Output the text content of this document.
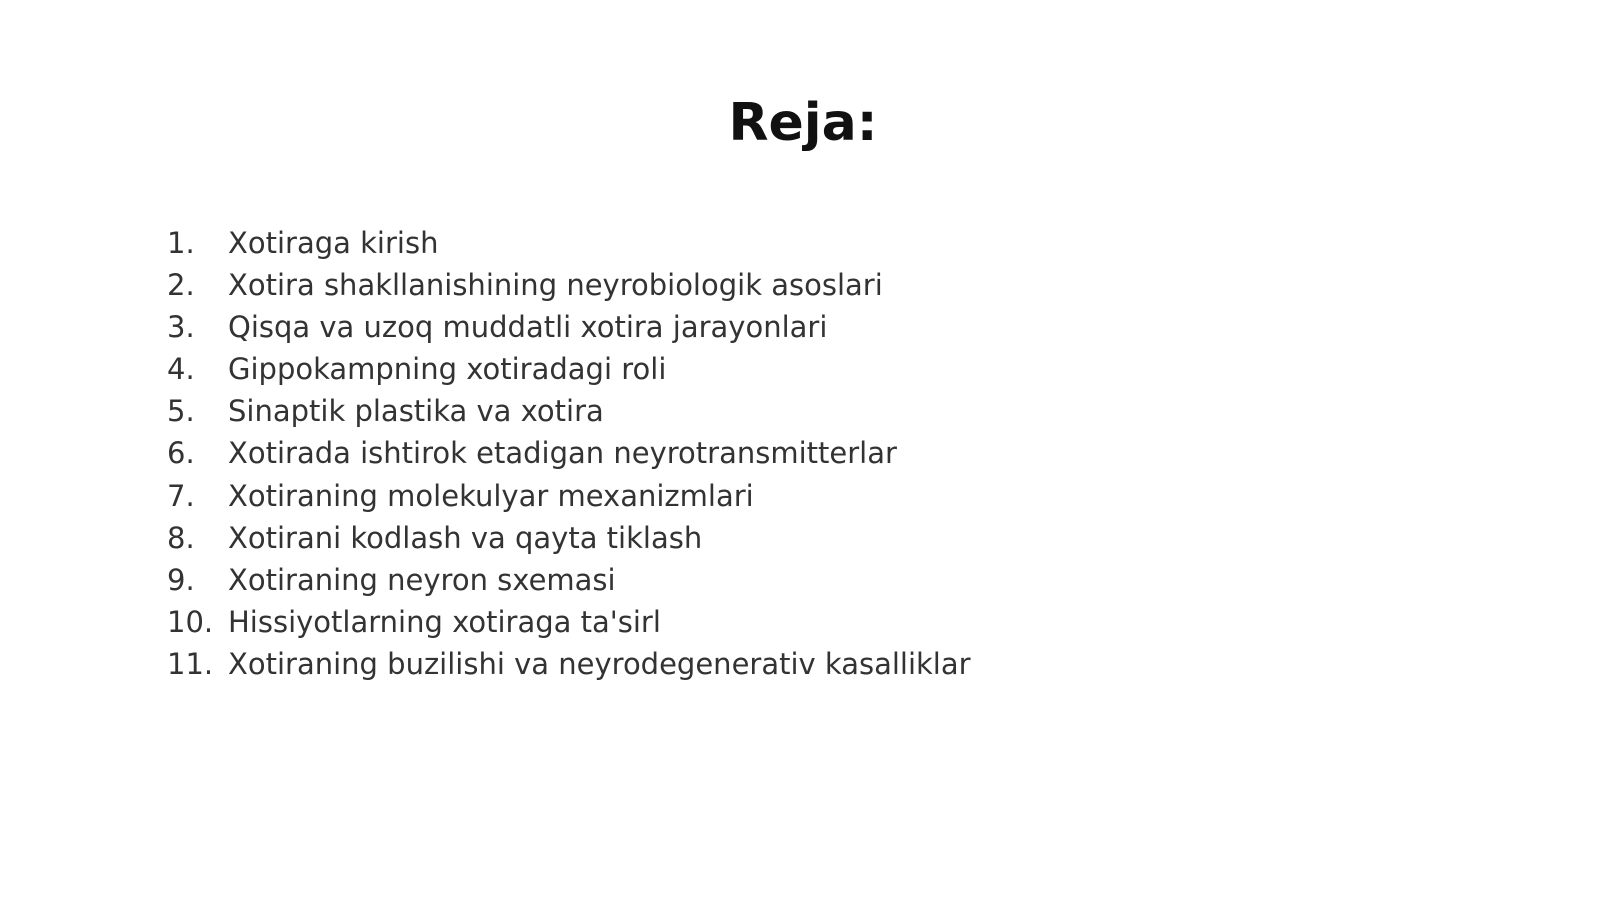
Reja:
1.	Xotiraga kirish
2.	Xotira shakllanishining neyrobiologik asoslari
3.	Qisqa va uzoq muddatli xotira jarayonlari
4.	Gippokampning xotiradagi roli
5.	Sinaptik plastika va xotira
6.	Xotirada ishtirok etadigan neyrotransmitterlar
7.	Xotiraning molekulyar mexanizmlari
8.	Xotirani kodlash va qayta tiklash
9.	Xotiraning neyron sxemasi
10. Hissiyotlarning xotiraga ta'sirl
11. Xotiraning buzilishi va neyrodegenerativ kasalliklar
